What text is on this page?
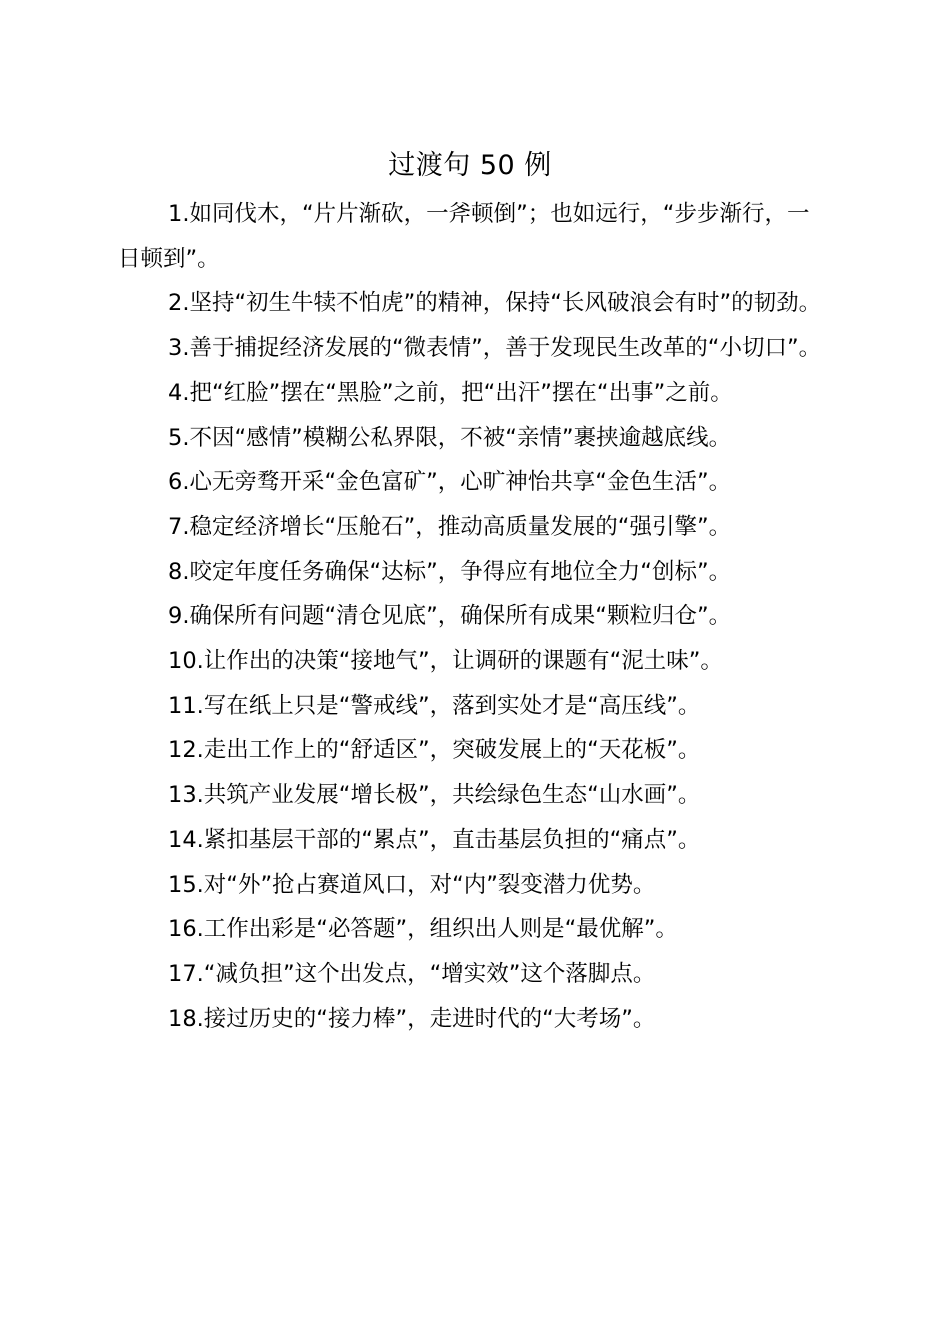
过渡句 50 例

1.如同伐木，“片片渐砍，一斧顿倒”；也如远行，“步步渐行，一日顿到”。

2.坚持“初生牛犊不怕虎”的精神，保持“长风破浪会有时”的韧劲。

3.善于捕捉经济发展的“微表情”，善于发现民生改革的“小切口”。

4.把“红脸”摆在“黑脸”之前，把“出汗”摆在“出事”之前。

5.不因“感情”模糊公私界限，不被“亲情”裹挟逾越底线。

6.心无旁骛开采“金色富矿”，心旷神怡共享“金色生活”。

7.稳定经济增长“压舱石”，推动高质量发展的“强引擎”。

8.咬定年度任务确保“达标”，争得应有地位全力“创标”。

9.确保所有问题“清仓见底”，确保所有成果“颗粒归仓”。

10.让作出的决策“接地气”，让调研的课题有“泥土味”。

11.写在纸上只是“警戒线”，落到实处才是“高压线”。

12.走出工作上的“舒适区”，突破发展上的“天花板”。

13.共筑产业发展“增长极”，共绘绿色生态“山水画”。

14.紧扣基层干部的“累点”，直击基层负担的“痛点”。

15.对“外”抢占赛道风口，对“内”裂变潜力优势。

16.工作出彩是“必答题”，组织出人则是“最优解”。

17.“减负担”这个出发点，“增实效”这个落脚点。

18.接过历史的“接力棒”，走进时代的“大考场”。
